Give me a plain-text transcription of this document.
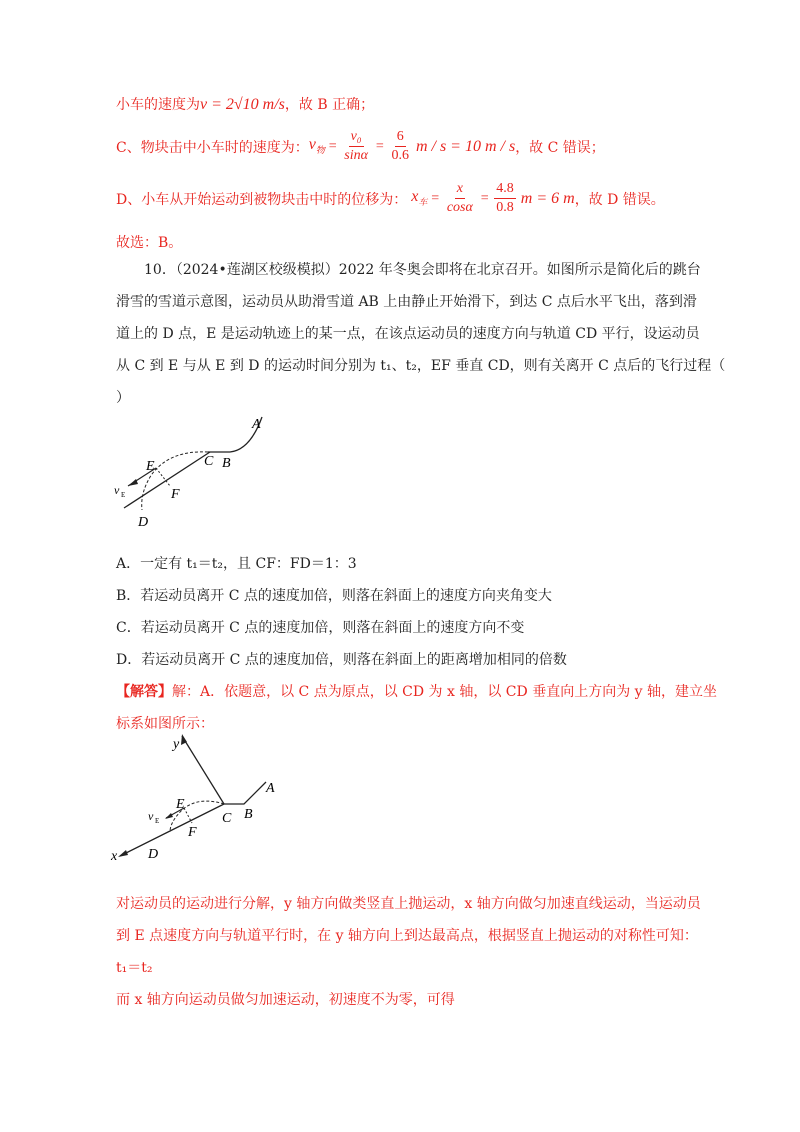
小车的速度为v = 2√10 m/s，故 B 正确；
C、物块击中小车时的速度为： $v_物 = \frac{\text{v₀}}{\sin\alpha} = \frac{6}{0.6}$ m / s = 10 m / s ，故 C 错误；
D、小车从开始运动到被物块击中时的位移为： $x_车 = \frac{x}{\cos\alpha} = \frac{4.8}{0.8}$ m = 6 m ，故 D 错误。
故选：B。
10．（2024•莲湖区校级模拟）2022 年冬奥会即将在北京召开。如图所示是简化后的跳台
滑雪的雪道示意图，运动员从助滑雪道 AB 上由静止开始滑下，到达 C 点后水平飞出，落到滑
道上的 D 点，E 是运动轨迹上的某一点，在该点运动员的速度方向与轨道 CD 平行，设运动员
从 C 到 E 与从 E 到 D 的运动时间分别为 t₁、t₂，EF 垂直 CD，则有关离开 C 点后的飞行过程（
）
A
C B
E
F
D
v E
A．一定有 t₁＝t₂，且 CF：FD＝1：3
B．若运动员离开 C 点的速度加倍，则落在斜面上的速度方向夹角变大
C．若运动员离开 C 点的速度加倍，则落在斜面上的速度方向不变
D．若运动员离开 C 点的速度加倍，则落在斜面上的距离增加相同的倍数
【解答】解：A．依题意，以 C 点为原点，以 CD 为 x 轴，以 CD 垂直向上方向为 y 轴，建立坐
标系如图所示：
y
x
A
B
C
E
F
D
v E
对运动员的运动进行分解，y 轴方向做类竖直上抛运动，x 轴方向做匀加速直线运动，当运动员
到 E 点速度方向与轨道平行时，在 y 轴方向上到达最高点，根据竖直上抛运动的对称性可知：
t₁＝t₂
而 x 轴方向运动员做匀加速运动，初速度不为零，可得
